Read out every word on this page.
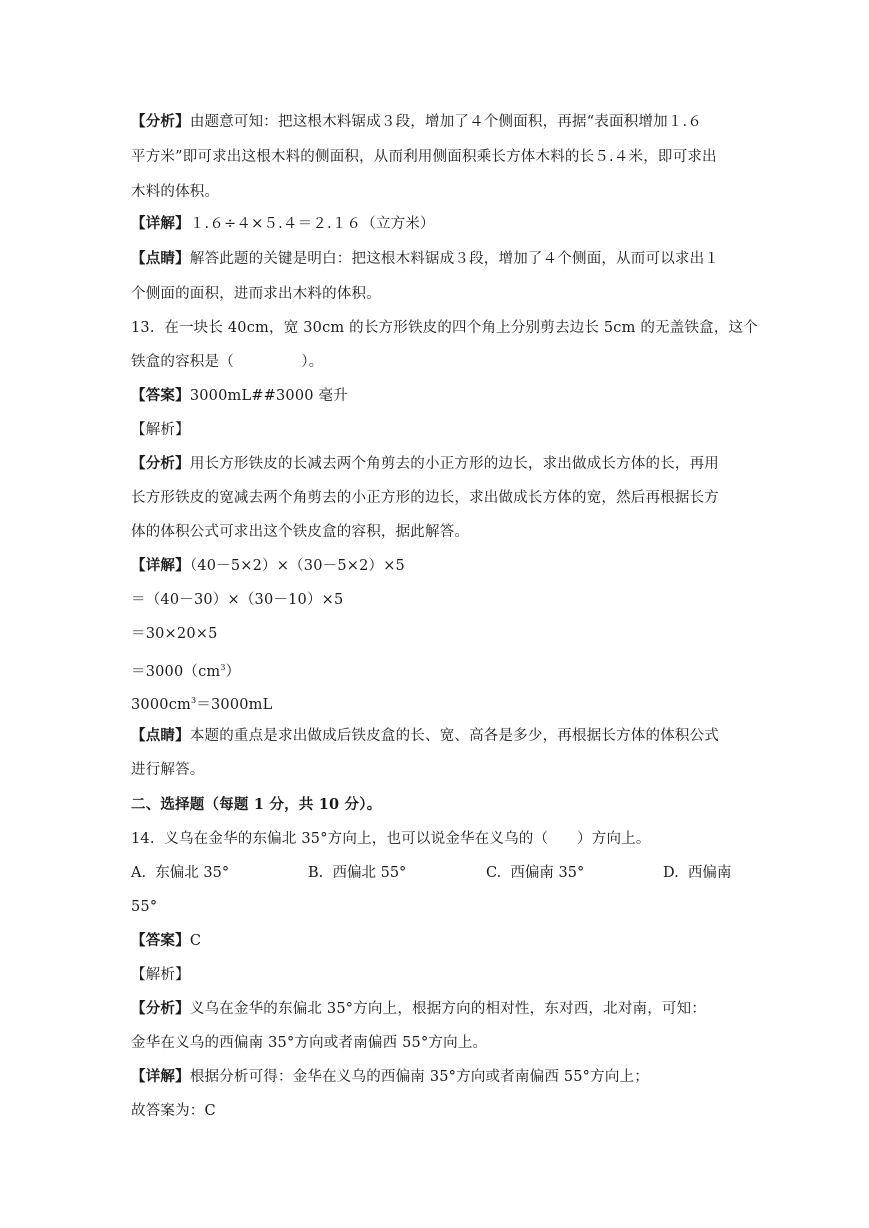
【分析】由题意可知：把这根木料锯成３段，增加了４个侧面积，再据“表面积增加１.６
平方米”即可求出这根木料的侧面积，从而利用侧面积乘长方体木料的长５.４米，即可求出
木料的体积。
【详解】１.６÷４×５.４＝２.１６（立方米）
【点睛】解答此题的关键是明白：把这根木料锯成３段，增加了４个侧面，从而可以求出１
个侧面的面积，进而求出木料的体积。
13.  在一块长 40cm，宽 30cm 的长方形铁皮的四个角上分别剪去边长 5cm 的无盖铁盒，这个
铁盒的容积是（              ）。
【答案】3000mL##3000 毫升
【解析】
【分析】用长方形铁皮的长减去两个角剪去的小正方形的边长，求出做成长方体的长，再用
长方形铁皮的宽减去两个角剪去的小正方形的边长，求出做成长方体的宽，然后再根据长方
体的体积公式可求出这个铁皮盒的容积，据此解答。
【详解】（40－5×2）×（30－5×2）×5
＝（40－30）×（30－10）×5
＝30×20×5
$=3000(cm^3)$
$3000cm^3=3000mL$
【点睛】本题的重点是求出做成后铁皮盒的长、宽、高各是多少，再根据长方体的体积公式
进行解答。
二、选择题（每题 1 分，共 10 分）。
14.  义乌在金华的东偏北 35°方向上，也可以说金华在义乌的（      ）方向上。
A.  东偏北 35°	B.  西偏北 55°	C.  西偏南 35°	D.  西偏南
55°
【答案】C
【解析】
【分析】义乌在金华的东偏北 35°方向上，根据方向的相对性，东对西，北对南，可知：
金华在义乌的西偏南 35°方向或者南偏西 55°方向上。
【详解】根据分析可得：金华在义乌的西偏南 35°方向或者南偏西 55°方向上；
故答案为：C
